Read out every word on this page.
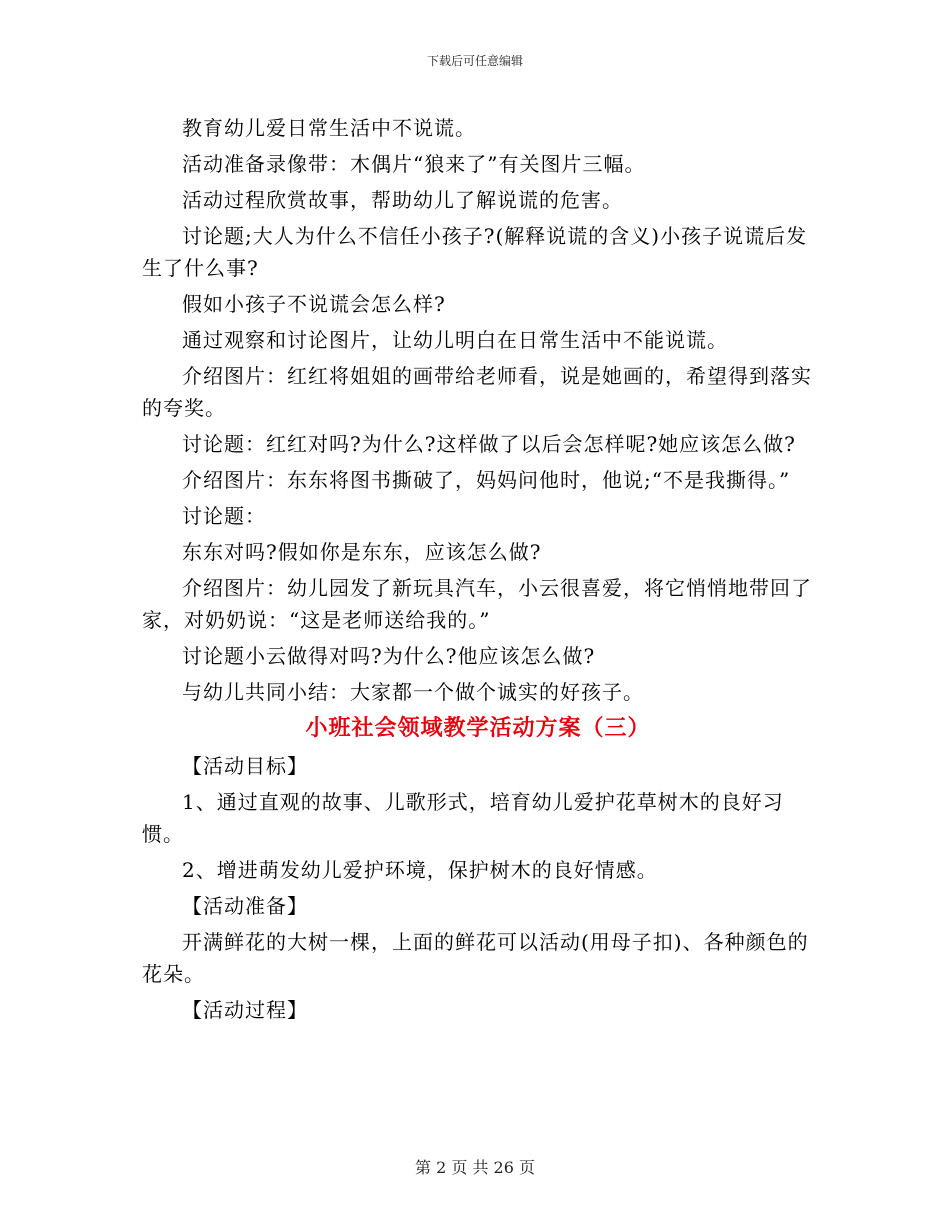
下载后可任意编辑

教育幼儿爱日常生活中不说谎。

活动准备录像带：木偶片“狼来了”有关图片三幅。

活动过程欣赏故事，帮助幼儿了解说谎的危害。

讨论题;大人为什么不信任小孩子?(解释说谎的含义)小孩子说谎后发生了什么事?

假如小孩子不说谎会怎么样?

通过观察和讨论图片，让幼儿明白在日常生活中不能说谎。

介绍图片：红红将姐姐的画带给老师看，说是她画的，希望得到落实的夸奖。

讨论题：红红对吗?为什么?这样做了以后会怎样呢?她应该怎么做?

介绍图片：东东将图书撕破了，妈妈问他时，他说;“不是我撕得。”

讨论题：

东东对吗?假如你是东东，应该怎么做?

介绍图片：幼儿园发了新玩具汽车，小云很喜爱，将它悄悄地带回了家，对奶奶说：“这是老师送给我的。”

讨论题小云做得对吗?为什么?他应该怎么做?

与幼儿共同小结：大家都一个做个诚实的好孩子。

小班社会领域教学活动方案（三）

【活动目标】

1、通过直观的故事、儿歌形式，培育幼儿爱护花草树木的良好习惯。

2、增进萌发幼儿爱护环境，保护树木的良好情感。

【活动准备】

开满鲜花的大树一棵，上面的鲜花可以活动(用母子扣)、各种颜色的花朵。

【活动过程】

第 2 页 共 26 页
